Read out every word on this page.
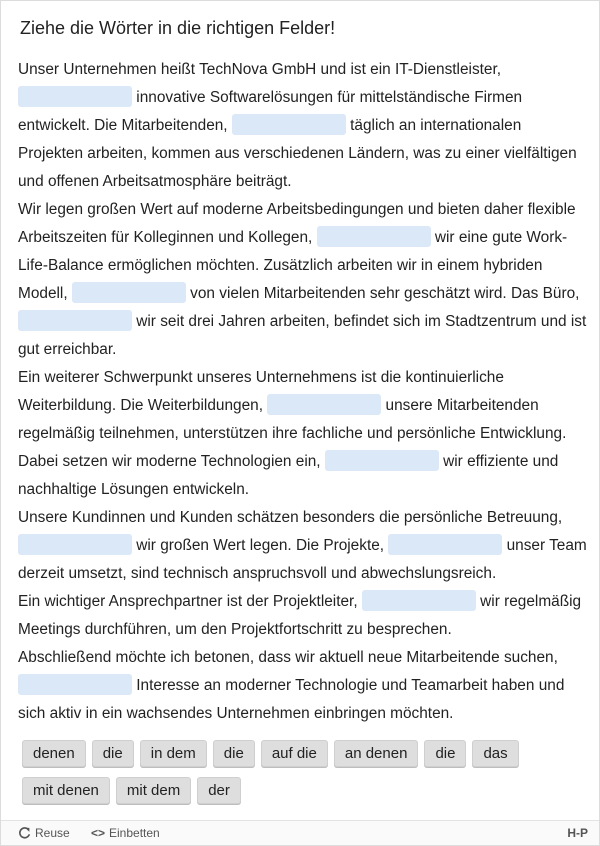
Ziehe die Wörter in die richtigen Felder!
Unser Unternehmen heißt TechNova GmbH und ist ein IT-Dienstleister,  innovative Softwarelösungen für mittelständische Firmen entwickelt. Die Mitarbeitenden,	täglich an internationalen Projekten arbeiten, kommen aus verschiedenen Ländern, was zu einer vielfältigen und offenen Arbeitsatmosphäre beiträgt.
Wir legen großen Wert auf moderne Arbeitsbedingungen und bieten daher flexible Arbeitszeiten für Kolleginnen und Kollegen,	wir eine gute Work-Life-Balance ermöglichen möchten. Zusätzlich arbeiten wir in einem hybriden Modell,	von vielen Mitarbeitenden sehr geschätzt wird. Das Büro,  wir seit drei Jahren arbeiten, befindet sich im Stadtzentrum und ist gut erreichbar.
Ein weiterer Schwerpunkt unseres Unternehmens ist die kontinuierliche Weiterbildung. Die Weiterbildungen,	unsere Mitarbeitenden regelmäßig teilnehmen, unterstützen ihre fachliche und persönliche Entwicklung. Dabei setzen wir moderne Technologien ein,	wir effiziente und nachhaltige Lösungen entwickeln.
Unsere Kundinnen und Kunden schätzen besonders die persönliche Betreuung,  wir großen Wert legen. Die Projekte,	unser Team derzeit umsetzt, sind technisch anspruchsvoll und abwechslungsreich.
Ein wichtiger Ansprechpartner ist der Projektleiter,	wir regelmäßig Meetings durchführen, um den Projektfortschritt zu besprechen.
Abschließend möchte ich betonen, dass wir aktuell neue Mitarbeitende suchen,  Interesse an moderner Technologie und Teamarbeit haben und sich aktiv in ein wachsendes Unternehmen einbringen möchten.
denen die in dem die auf die an denen die dasmit denen mit dem der
Reuse <> Einbetten	H-P
